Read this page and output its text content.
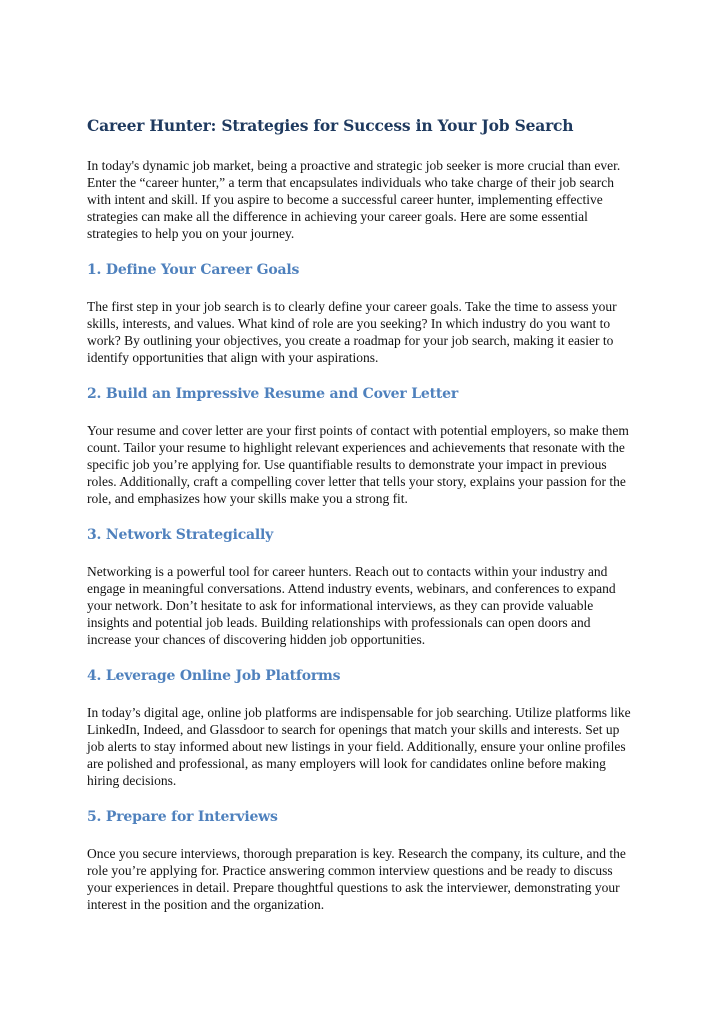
Career Hunter: Strategies for Success in Your Job Search

In today's dynamic job market, being a proactive and strategic job seeker is more crucial than ever. Enter the “career hunter,” a term that encapsulates individuals who take charge of their job search with intent and skill. If you aspire to become a successful career hunter, implementing effective strategies can make all the difference in achieving your career goals. Here are some essential strategies to help you on your journey.

1. Define Your Career Goals

The first step in your job search is to clearly define your career goals. Take the time to assess your skills, interests, and values. What kind of role are you seeking? In which industry do you want to work? By outlining your objectives, you create a roadmap for your job search, making it easier to identify opportunities that align with your aspirations.

2. Build an Impressive Resume and Cover Letter

Your resume and cover letter are your first points of contact with potential employers, so make them count. Tailor your resume to highlight relevant experiences and achievements that resonate with the specific job you’re applying for. Use quantifiable results to demonstrate your impact in previous roles. Additionally, craft a compelling cover letter that tells your story, explains your passion for the role, and emphasizes how your skills make you a strong fit.

3. Network Strategically

Networking is a powerful tool for career hunters. Reach out to contacts within your industry and engage in meaningful conversations. Attend industry events, webinars, and conferences to expand your network. Don’t hesitate to ask for informational interviews, as they can provide valuable insights and potential job leads. Building relationships with professionals can open doors and increase your chances of discovering hidden job opportunities.

4. Leverage Online Job Platforms

In today’s digital age, online job platforms are indispensable for job searching. Utilize platforms like LinkedIn, Indeed, and Glassdoor to search for openings that match your skills and interests. Set up job alerts to stay informed about new listings in your field. Additionally, ensure your online profiles are polished and professional, as many employers will look for candidates online before making hiring decisions.

5. Prepare for Interviews

Once you secure interviews, thorough preparation is key. Research the company, its culture, and the role you’re applying for. Practice answering common interview questions and be ready to discuss your experiences in detail. Prepare thoughtful questions to ask the interviewer, demonstrating your interest in the position and the organization.
